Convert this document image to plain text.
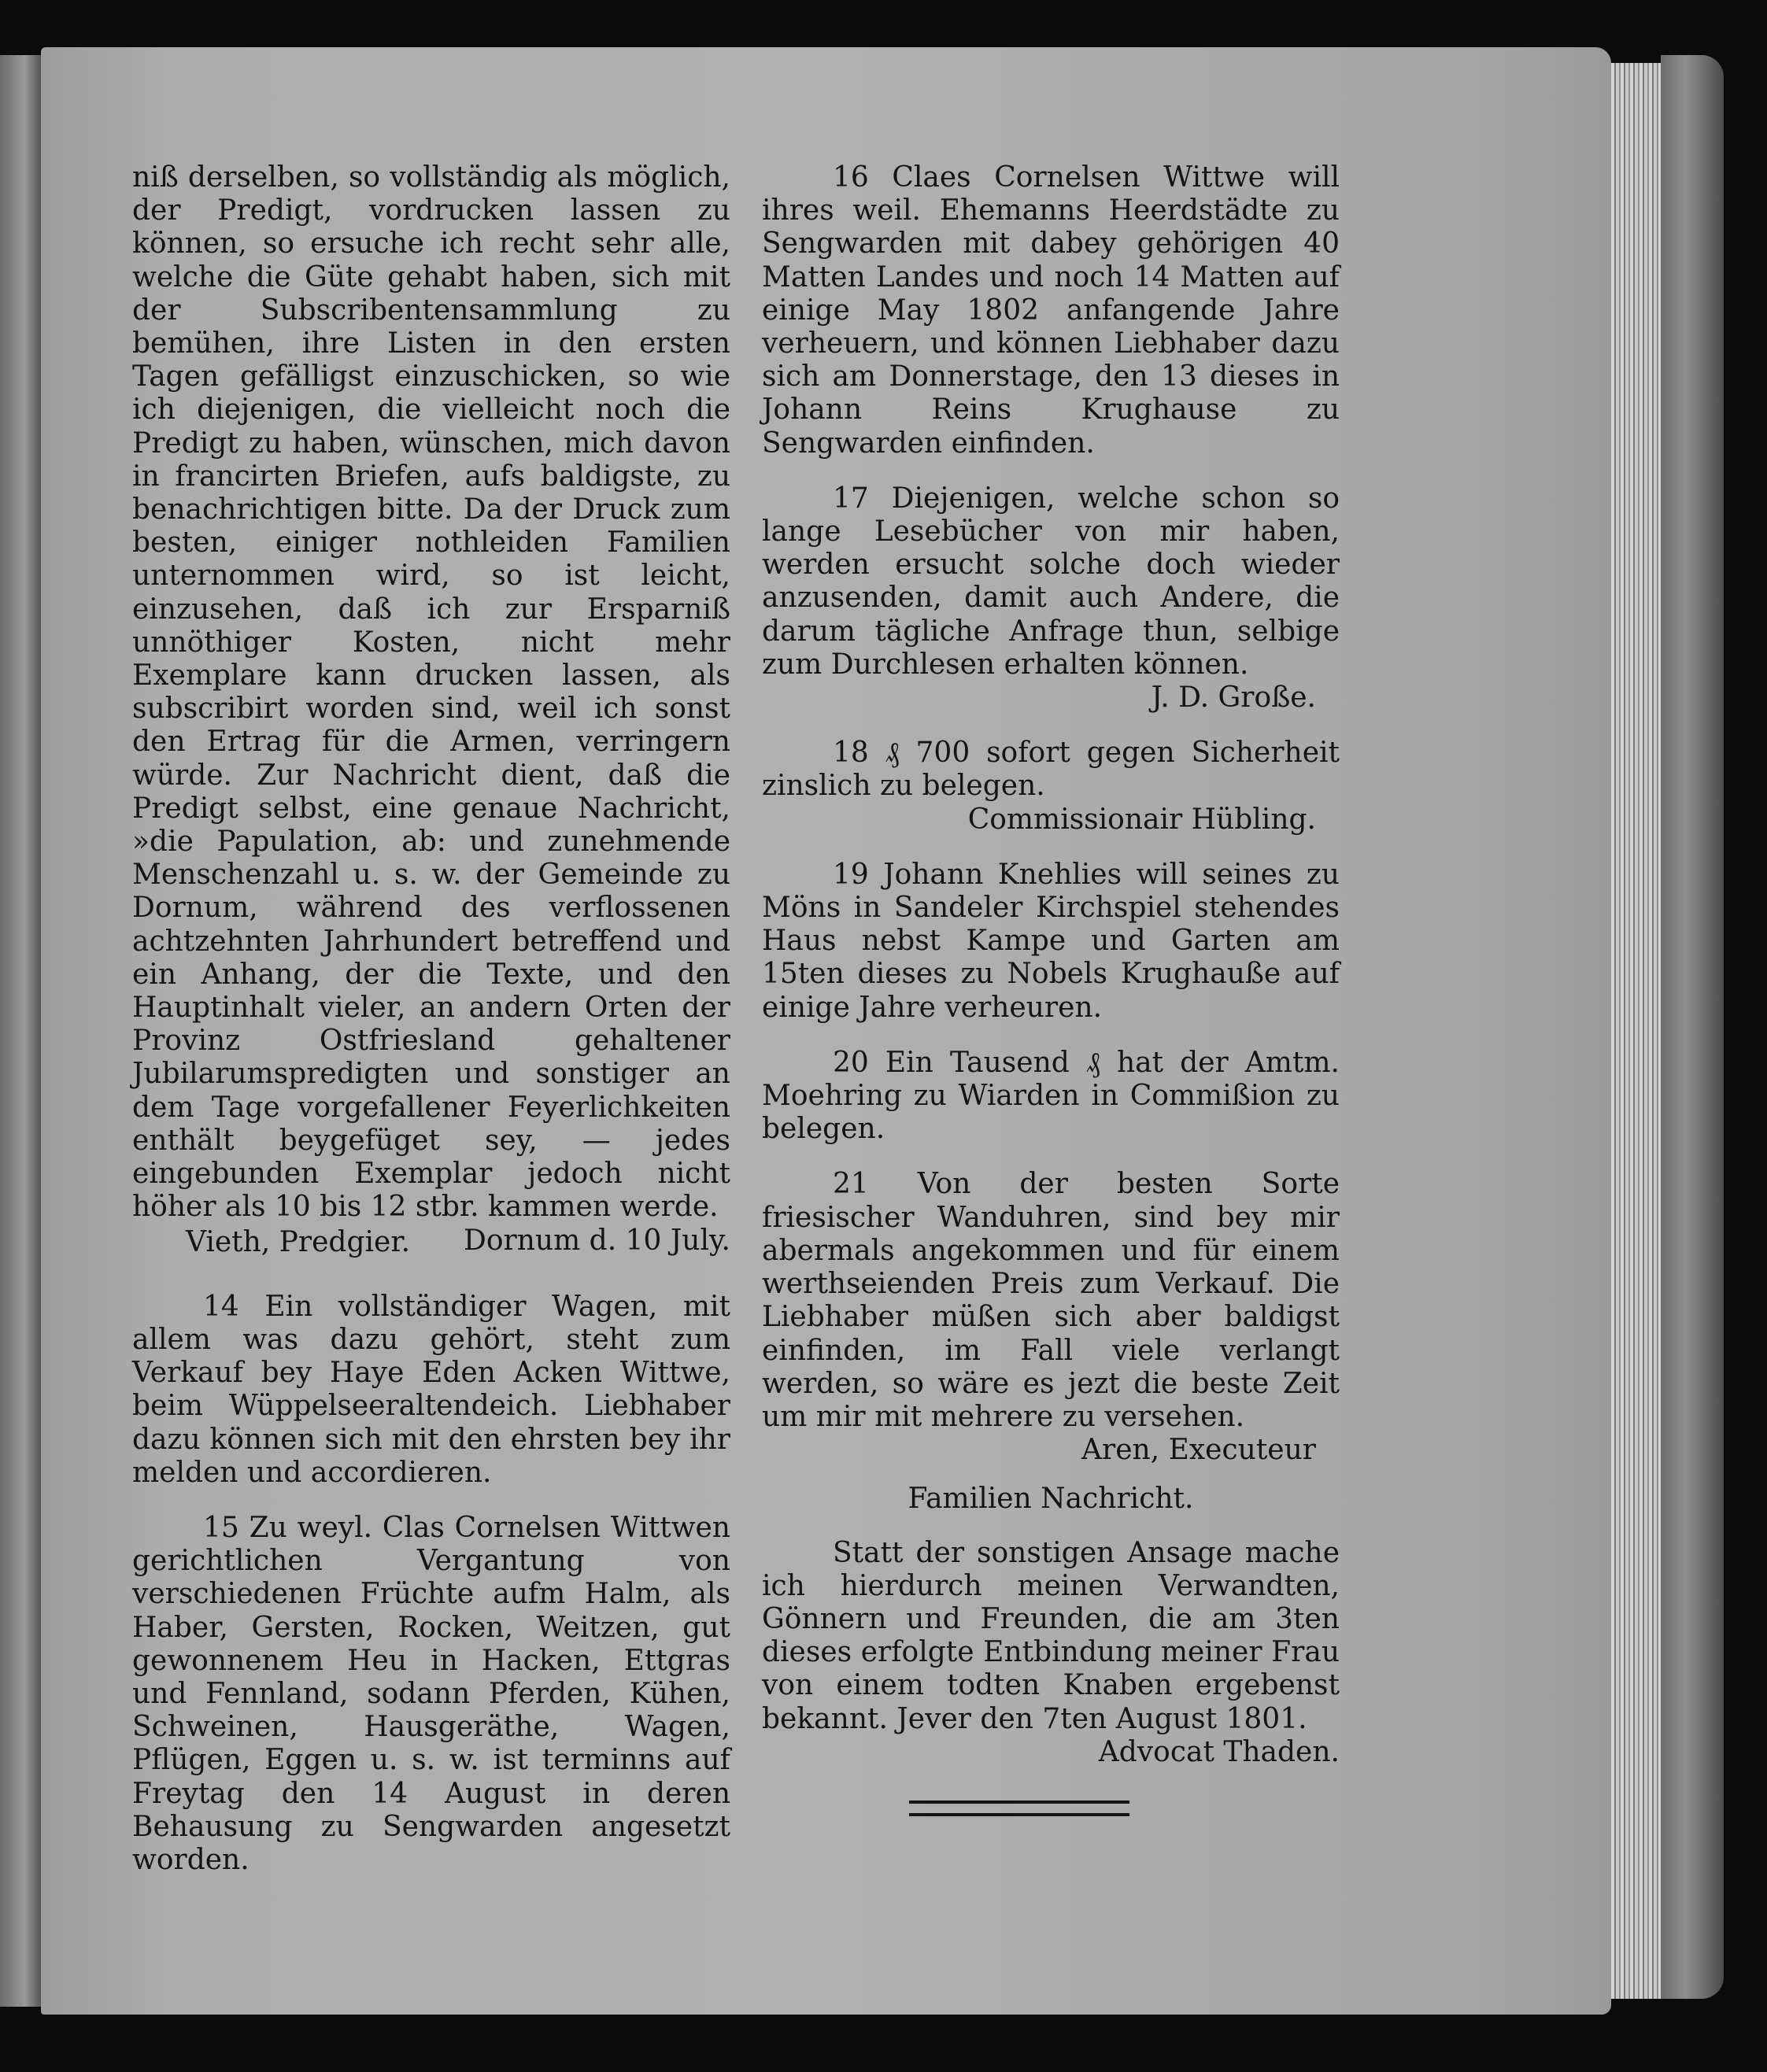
niß derselben, so vollständig als möglich, der Predigt, vordrucken lassen zu können, so ersuche ich recht sehr alle, welche die Güte gehabt haben, sich mit der Subscribentensammlung zu bemühen, ihre Listen in den ersten Tagen gefälligst einzuschicken, so wie ich diejenigen, die vielleicht noch die Predigt zu haben, wünschen, mich davon in francirten Briefen, aufs baldigste, zu benachrichtigen bitte. Da der Druck zum besten, einiger nothleiden Familien unternommen wird, so ist leicht, einzusehen, daß ich zur Ersparniß unnöthiger Kosten, nicht mehr Exemplare kann drucken lassen, als subscribirt worden sind, weil ich sonst den Ertrag für die Armen, verringern würde. Zur Nachricht dient, daß die Predigt selbst, eine genaue Nachricht, »die Papulation, ab: und zunehmende Menschenzahl u. s. w. der Gemeinde zu Dornum, während des verflossenen achtzehnten Jahrhundert betreffend und ein Anhang, der die Texte, und den Hauptinhalt vieler, an andern Orten der Provinz Ostfriesland gehaltener Jubilarumspredigten und sonstiger an dem Tage vorgefallener Feyerlichkeiten enthält beygefüget sey, — jedes eingebunden Exemplar jedoch nicht höher als 10 bis 12 stbr. kammen werde.
Dornum d. 10 July.

Vieth, Predgier.

14 Ein vollständiger Wagen, mit allem was dazu gehört, steht zum Verkauf bey Haye Eden Acken Wittwe, beim Wüppelseeraltendeich. Liebhaber dazu können sich mit den ehrsten bey ihr melden und accordieren.

15 Zu weyl. Clas Cornelsen Wittwen gerichtlichen Vergantung von verschiedenen Früchte aufm Halm, als Haber, Gersten, Rocken, Weitzen, gut gewonnenem Heu in Hacken, Ettgras und Fennland, sodann Pferden, Kühen, Schweinen, Hausgeräthe, Wagen, Pflügen, Eggen u. s. w. ist terminns auf Freytag den 14 August in deren Behausung zu Sengwarden angesetzt worden.

16 Claes Cornelsen Wittwe will ihres weil. Ehemanns Heerdstädte zu Sengwarden mit dabey gehörigen 40 Matten Landes und noch 14 Matten auf einige May 1802 anfangende Jahre verheuern, und können Liebhaber dazu sich am Donnerstage, den 13 dieses in Johann Reins Krughause zu Sengwarden einfinden.

17 Diejenigen, welche schon so lange Lesebücher von mir haben, werden ersucht solche doch wieder anzusenden, damit auch Andere, die darum tägliche Anfrage thun, selbige zum Durchlesen erhalten können.

J. D. Große.

18 ₰ 700 sofort gegen Sicherheit zinslich zu belegen.

Commissionair Hübling.

19 Johann Knehlies will seines zu Möns in Sandeler Kirchspiel stehendes Haus nebst Kampe und Garten am 15ten dieses zu Nobels Krughauße auf einige Jahre verheuren.

20 Ein Tausend ₰ hat der Amtm. Moehring zu Wiarden in Commißion zu belegen.

21 Von der besten Sorte friesischer Wanduhren, sind bey mir abermals angekommen und für einem werthseienden Preis zum Verkauf. Die Liebhaber müßen sich aber baldigst einfinden, im Fall viele verlangt werden, so wäre es jezt die beste Zeit um mir mit mehrere zu versehen.

Aren, Executeur

Familien Nachricht.

Statt der sonstigen Ansage mache ich hierdurch meinen Verwandten, Gönnern und Freunden, die am 3ten dieses erfolgte Entbindung meiner Frau von einem todten Knaben ergebenst bekannt. Jever den 7ten August 1801.

Advocat Thaden.
